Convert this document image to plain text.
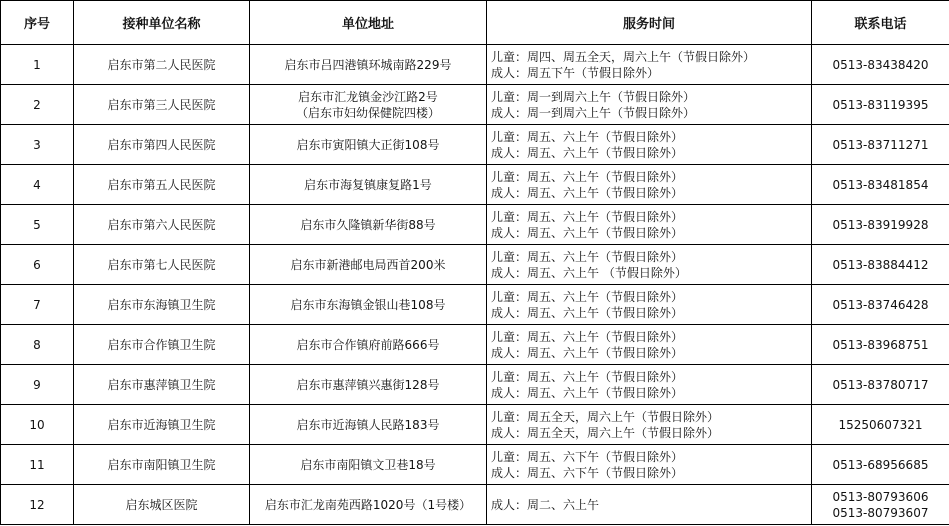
序号	接种单位名称	单位地址	服务时间	联系电话
1	启东市第二人民医院	启东市吕四港镇环城南路229号	儿童：周四、周五全天，周六上午（节假日除外）
成人：周五下午（节假日除外）	0513-83438420

2	启东市第三人民医院	启东市汇龙镇金沙江路2号
（启东市妇幼保健院四楼）	儿童：周一到周六上午（节假日除外）
成人：周一到周六上午（节假日除外）	0513-83119395

3	启东市第四人民医院	启东市寅阳镇大正街108号	儿童：周五、六上午（节假日除外）
成人：周五、六上午（节假日除外）	0513-83711271

4	启东市第五人民医院	启东市海复镇康复路1号	儿童：周五、六上午（节假日除外）
成人：周五、六上午（节假日除外）	0513-83481854

5	启东市第六人民医院	启东市久隆镇新华街88号	儿童：周五、六上午（节假日除外）
成人：周五、六上午（节假日除外）	0513-83919928

6	启东市第七人民医院	启东市新港邮电局西首200米	儿童：周五、六上午（节假日除外）
成人：周五、六上午 （节假日除外）	0513-83884412

7	启东市东海镇卫生院	启东市东海镇金银山巷108号	儿童：周五、六上午（节假日除外）
成人：周五、六上午（节假日除外）	0513-83746428

8	启东市合作镇卫生院	启东市合作镇府前路666号	儿童：周五、六上午（节假日除外）
成人：周五、六上午（节假日除外）	0513-83968751

9	启东市惠萍镇卫生院	启东市惠萍镇兴惠街128号	儿童：周五、六上午（节假日除外）
成人：周五、六上午（节假日除外）	0513-83780717

10	启东市近海镇卫生院	启东市近海镇人民路183号	儿童：周五全天，周六上午（节假日除外）
成人：周五全天，周六上午（节假日除外）	15250607321

11	启东市南阳镇卫生院	启东市南阳镇文卫巷18号	儿童：周五、六下午（节假日除外）
成人：周五、六下午（节假日除外）	0513-68956685

12	启东城区医院	启东市汇龙南苑西路1020号（1号楼）	成人：周二、六上午	0513-80793606
0513-80793607
